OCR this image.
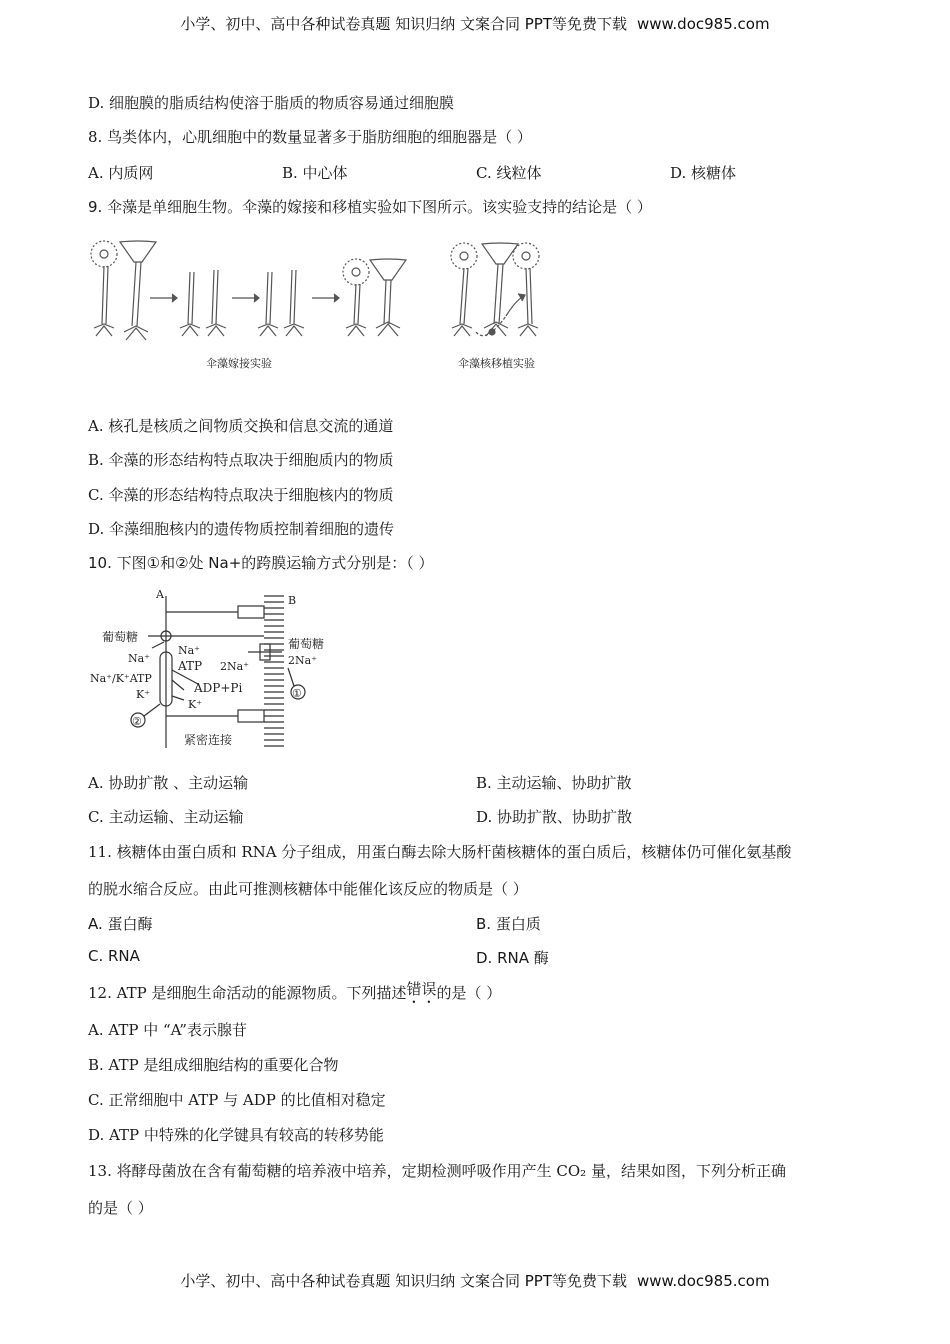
小学、初中、高中各种试卷真题 知识归纳 文案合同 PPT等免费下载 www.doc985.com
D. 细胞膜的脂质结构使溶于脂质的物质容易通过细胞膜
8. 鸟类体内，心肌细胞中的数量显著多于脂肪细胞的细胞器是（ ）
A. 内质网	B. 中心体	C. 线粒体	D. 核糖体
9. 伞藻是单细胞生物。伞藻的嫁接和移植实验如下图所示。该实验支持的结论是（ ）
伞藻嫁接实验	伞藻核移植实验
A. 核孔是核质之间物质交换和信息交流的通道
B. 伞藻的形态结构特点取决于细胞质内的物质
C. 伞藻的形态结构特点取决于细胞核内的物质
D. 伞藻细胞核内的遗传物质控制着细胞的遗传
10. 下图①和②处 Na+的跨膜运输方式分别是：（ ）
A	B
葡萄糖	葡萄糖
Na⁺
Na⁺
ATP 2Na⁺	2Na⁺
Na⁺/K⁺ATP
K⁺	ADP+Pi
K⁺
①
②
紧密连接
A. 协助扩散 、主动运输	B. 主动运输、协助扩散
C. 主动运输、主动运输	D. 协助扩散、协助扩散
11. 核糖体由蛋白质和 RNA 分子组成，用蛋白酶去除大肠杆菌核糖体的蛋白质后，核糖体仍可催化氨基酸
的脱水缩合反应。由此可推测核糖体中能催化该反应的物质是（ ）
A. 蛋白酶	B. 蛋白质
C. RNA	D. RNA 酶
12. ATP 是细胞生命活动的能源物质。下列描述错误的是（ ）
A. ATP 中 “A”表示腺苷
B. ATP 是组成细胞结构的重要化合物
C. 正常细胞中 ATP 与 ADP 的比值相对稳定
D. ATP 中特殊的化学键具有较高的转移势能
13. 将酵母菌放在含有葡萄糖的培养液中培养，定期检测呼吸作用产生 CO₂ 量，结果如图，下列分析正确
的是（ ）
小学、初中、高中各种试卷真题 知识归纳 文案合同 PPT等免费下载 www.doc985.com
